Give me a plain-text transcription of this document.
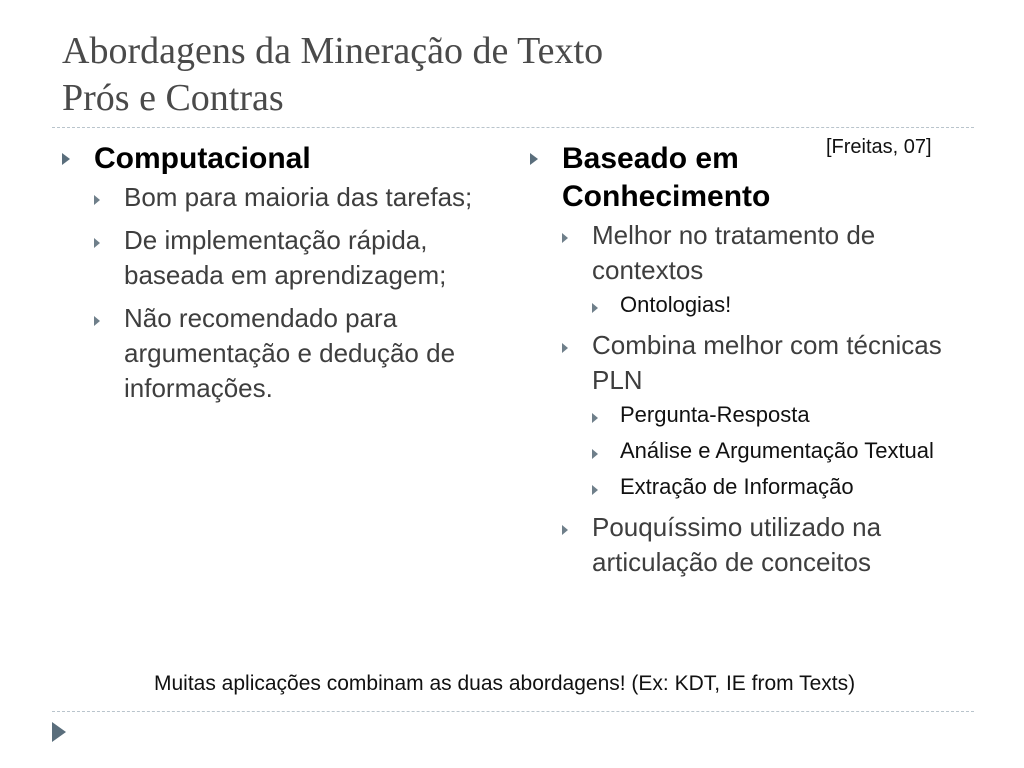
Abordagens da Mineração de Texto
Prós e Contras
[Freitas, 07]
Computacional
Bom para maioria das tarefas;
De implementação rápida, baseada em aprendizagem;
Não recomendado para argumentação e dedução de informações.
Baseado em Conhecimento
Melhor no tratamento de contextos
Ontologias!
Combina melhor com técnicas PLN
Pergunta-Resposta
Análise e Argumentação Textual
Extração de Informação
Pouquíssimo utilizado na articulação de conceitos
Muitas aplicações combinam as duas abordagens! (Ex: KDT, IE from Texts)
